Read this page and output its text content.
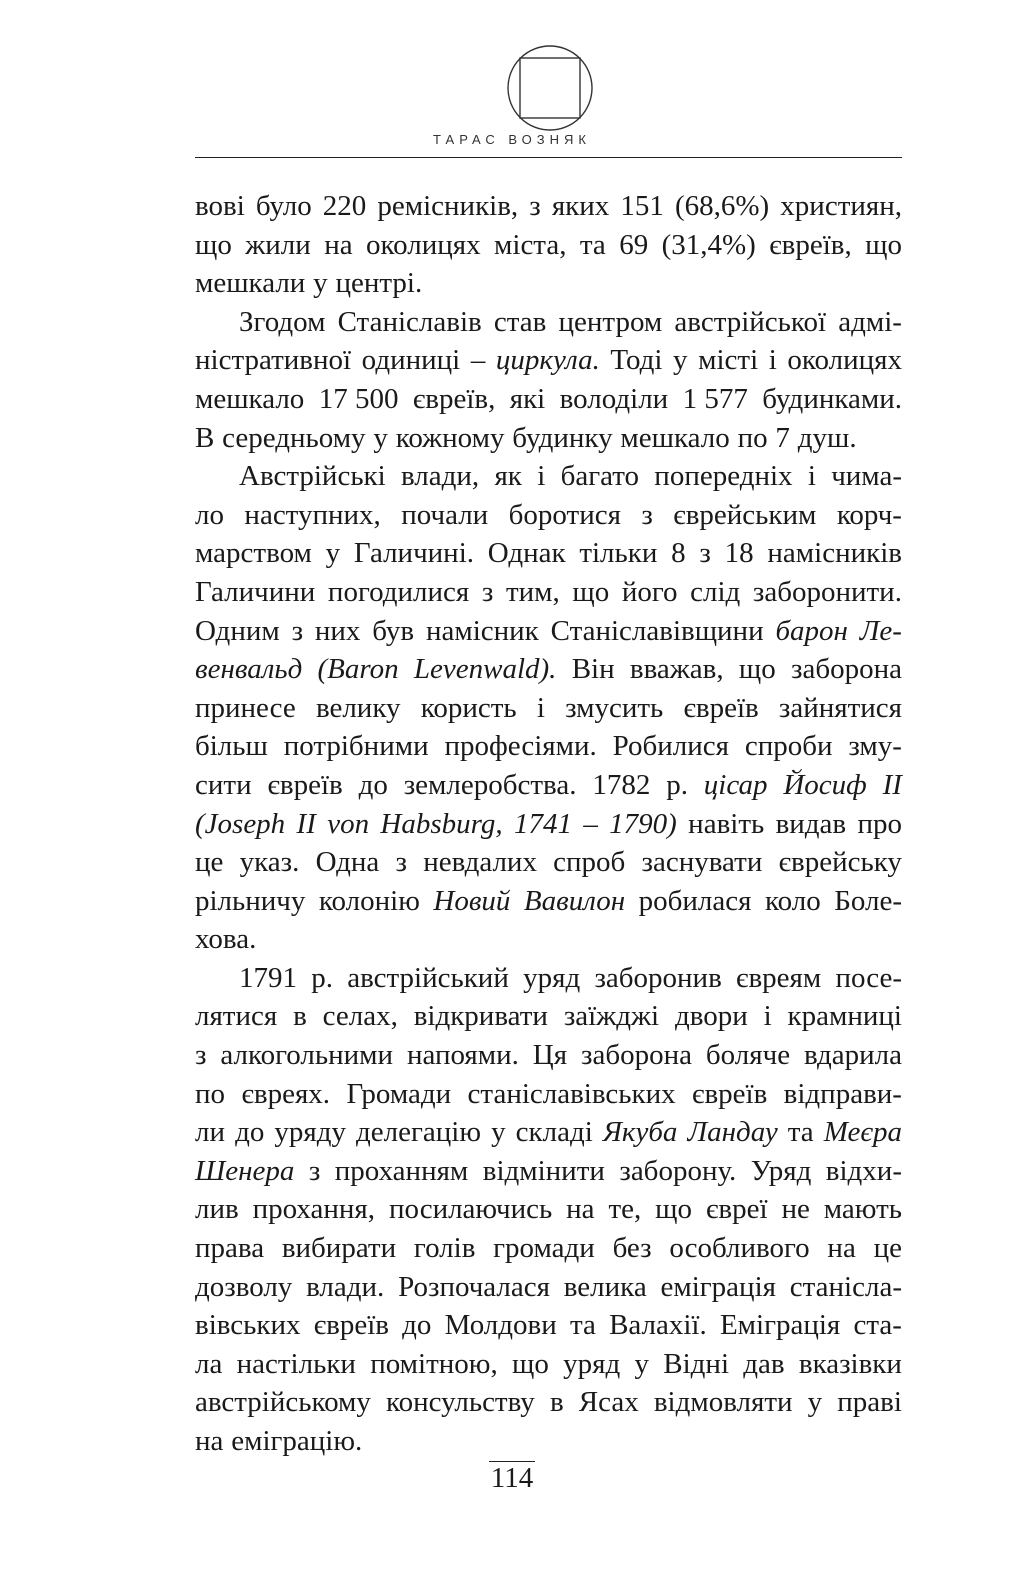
ТАРАС ВОЗНЯК
вові було 220 ремісників, з яких 151 (68,6%) християн,
що жили на околицях міста, та 69 (31,4%) євреїв, що
мешкали у центрі.
Згодом Станіславів став центром австрійської адмі-
ністративної одиниці – циркула. Тоді у місті і околицях
мешкало 17 500 євреїв, які володіли 1 577 будинками.
В середньому у кожному будинку мешкало по 7 душ.
Австрійські влади, як і багато попередніх і чима-
ло наступних, почали боротися з єврейським корч-
марством у Галичині. Однак тільки 8 з 18 намісників
Галичини погодилися з тим, що його слід заборонити.
Одним з них був намісник Станіславівщини барон Ле-
венвальд (Baron Levenwald). Він вважав, що заборона
принесе велику користь і змусить євреїв зайнятися
більш потрібними професіями. Робилися спроби зму-
сити євреїв до землеробства. 1782 р. цісар Йосиф II
(Joseph II von Habsburg, 1741 – 1790) навіть видав про
це указ. Одна з невдалих спроб заснувати єврейську
рільничу колонію Новий Вавилон робилася коло Боле-
хова.
1791 р. австрійський уряд заборонив євреям посе-
лятися в селах, відкривати заїжджі двори і крамниці
з алкогольними напоями. Ця заборона боляче вдарила
по євреях. Громади станіславівських євреїв відправи-
ли до уряду делегацію у складі Якуба Ландау та Меєра
Шенера з проханням відмінити заборону. Уряд відхи-
лив прохання, посилаючись на те, що євреї не мають
права вибирати голів громади без особливого на це
дозволу влади. Розпочалася велика еміграція станісла-
вівських євреїв до Молдови та Валахії. Еміграція ста-
ла настільки помітною, що уряд у Відні дав вказівки
австрійському консульству в Ясах відмовляти у праві
на еміграцію.
114
